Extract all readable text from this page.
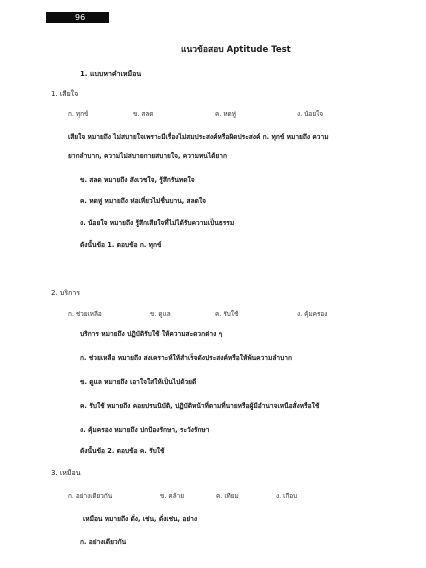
96
แนวข้อสอบ Aptitude Test
1. แบบหาคำเหมือน
1. เสียใจ
ก. ทุกข์	ข. สลด	ค. หดหู่	ง. น้อยใจ
เสียใจ หมายถึง ไม่สบายใจเพราะมีเรื่องไม่สมประสงค์หรือผิดประสงค์ ก. ทุกข์ หมายถึง ความ
ยากลำบาก, ความไม่สบายกายสบายใจ, ความทนได้ยาก
ข. สลด หมายถึง สังเวชใจ, รู้สึกรันทดใจ
ค. หดหู่ หมายถึง ห่อเหี่ยวไม่ชื่นบาน, สลดใจ
ง. น้อยใจ หมายถึง รู้สึกเสียใจที่ไม่ได้รับความเป็นธรรม
ดังนั้นข้อ 1. ตอบข้อ ก. ทุกข์
2. บริการ
ก. ช่วยเหลือ	ข. ดูแล	ค. รับใช้	ง. คุ้มครอง
บริการ หมายถึง ปฏิบัติรับใช้ ให้ความสะดวกต่าง ๆ
ก. ช่วยเหลือ หมายถึง สงเคราะห์ให้สำเร็จดังประสงค์หรือให้พ้นความลำบาก
ข. ดูแล หมายถึง เอาใจใส่ให้เป็นไปด้วยดี
ค. รับใช้ หมายถึง คอยปรนนิบัติ, ปฏิบัติหน้าที่ตามที่นายหรือผู้มีอำนาจเหนือสั่งหรือใช้
ง. คุ้มครอง หมายถึง ปกป้องรักษา, ระวังรักษา
ดังนั้นข้อ 2. ตอบข้อ ค. รับใช้
3. เหมือน
ก. อย่างเดียวกัน	ข. คล้าย	ค. เทียม	ง. เกือบ
เหมือน หมายถึง ดั่ง, เช่น, ดั่งเช่น, อย่าง
ก. อย่างเดียวกัน
